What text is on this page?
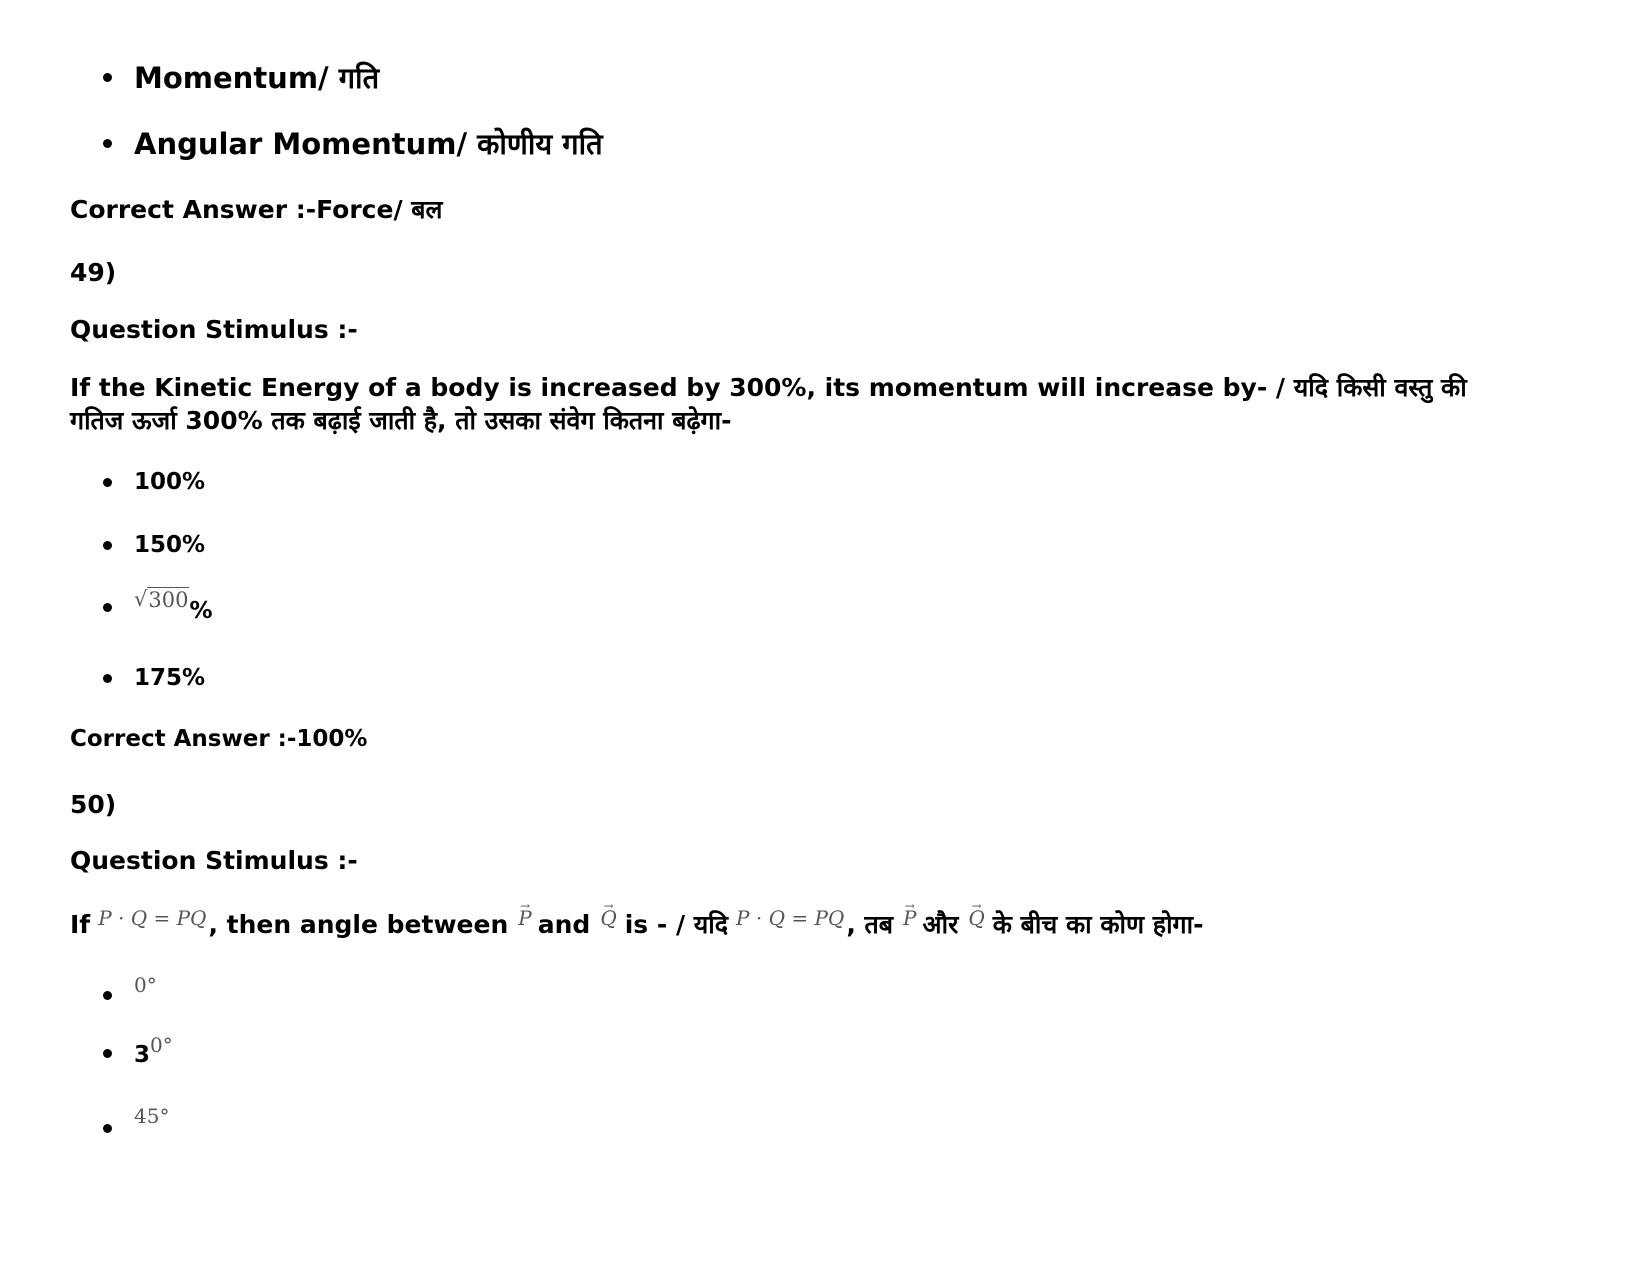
Momentum/ गति
Angular Momentum/ कोणीय गति
Correct Answer :-Force/ बल
49)
Question Stimulus :-
If the Kinetic Energy of a body is increased by 300%, its momentum will increase by- / यदि किसी वस्तु की गतिज ऊर्जा 300% तक बढ़ाई जाती है, तो उसका संवेग कितना बढ़ेगा-
100%
150%
√ 300 %
175%
Correct Answer :-100%
50)
Question Stimulus :-
If P · Q = PQ , then angle between → P and → Q is - / यदि P · Q = PQ , तब → P और → Q के बीच का कोण होगा-
0°
3 0°
45°
